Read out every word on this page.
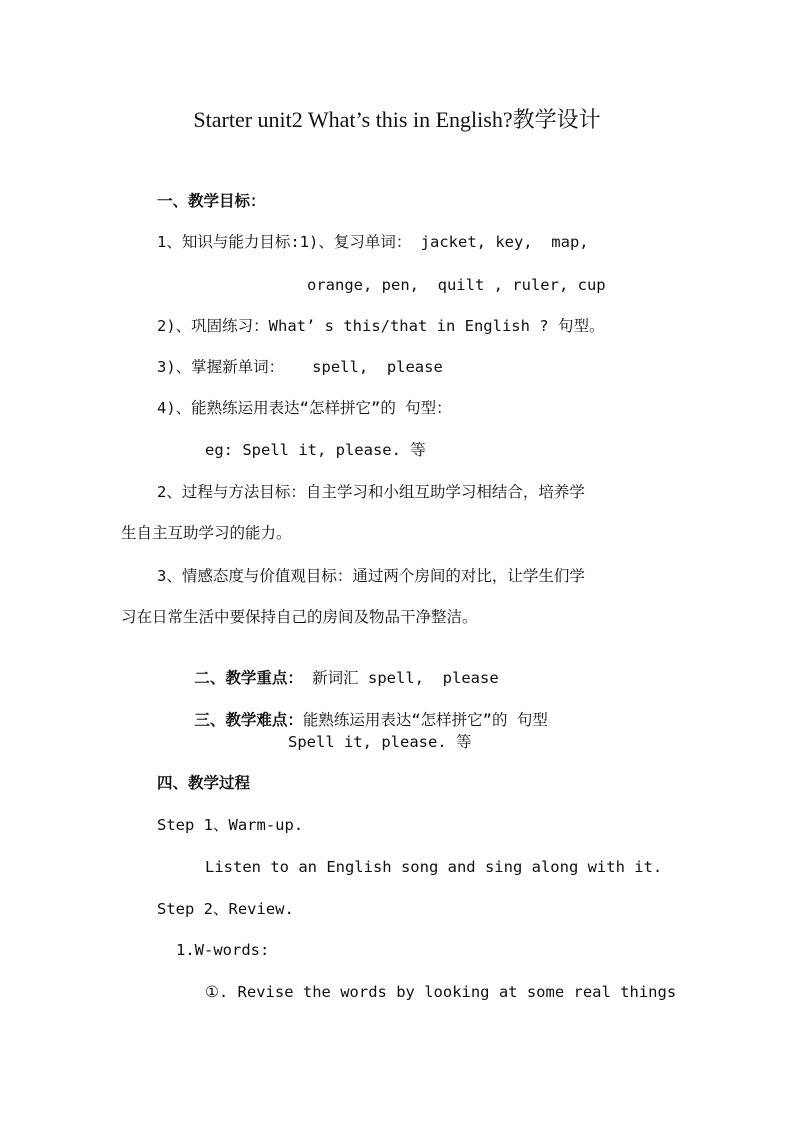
Starter unit2 What’s this in English?教学设计
一、教学目标：
1、知识与能力目标:1)、复习单词： jacket, key,  map,
orange, pen,  quilt , ruler, cup
2)、巩固练习：What’ s this/that in English ? 句型。
3)、掌握新单词：   spell,  please
4)、能熟练运用表达“怎样拼它”的 句型：
eg: Spell it, please. 等
2、过程与方法目标：自主学习和小组互助学习相结合，培养学
生自主互助学习的能力。
3、情感态度与价值观目标：通过两个房间的对比，让学生们学
习在日常生活中要保持自己的房间及物品干净整洁。

二、教学重点： 新词汇 spell,  please

三、教学难点：能熟练运用表达“怎样拼它”的 句型

Spell it, please. 等
四、教学过程
Step 1、Warm-up.
Listen to an English song and sing along with it.
Step 2、Review.
1.W-words:
①. Revise the words by looking at some real things
